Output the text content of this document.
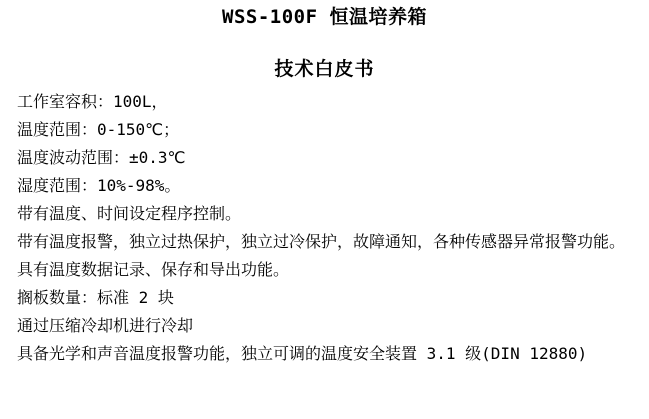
WSS-100F 恒温培养箱
技术白皮书

工作室容积：100L，

温度范围：0-150℃；

温度波动范围：±0.3℃

湿度范围：10%-98%。

带有温度、时间设定程序控制。

带有温度报警，独立过热保护，独立过冷保护，故障通知，各种传感器异常报警功能。

具有温度数据记录、保存和导出功能。

搁板数量：标准 2 块

通过压缩冷却机进行冷却

具备光学和声音温度报警功能，独立可调的温度安全装置 3.1 级(DIN 12880)
